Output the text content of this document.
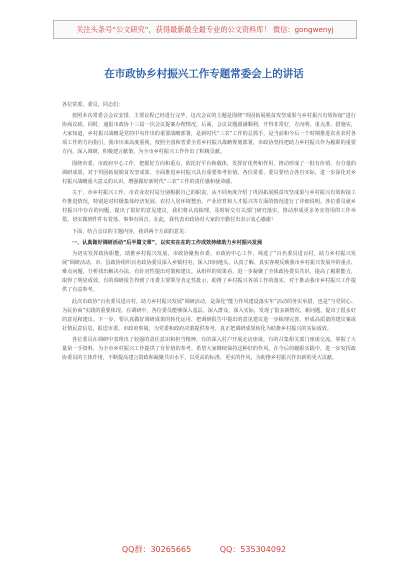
关注头条号“公文研究”，获得最新最全最专业的公文资料库！ 微信：gongwenyj
在市政协乡村振兴工作专题常委会上的讲话

各位常委、委员，同志们：

按照本次常委会会议安排，主要议程已经进行完毕，这次会议的主题是围绕“巩固拓展脱贫攻坚成果与乡村振兴有效衔接”进行协商议政。同时，通报市政协十三届一次会议提案办理情况，后面，会议议题圆满顺利，开得非常好，方向明、重点准、措施实，大家知道，乡村振兴战略是党的中央作出的重要战略部署，是新时代“三农”工作的总抓手，是当前和今后一个时期推进农业农村各项工作的方向指引，我市历来高度重视，按照全国和省委全省乡村振兴战略规划部署，市政协坚持把助力乡村振兴作为履职的重要方向，深入调研，积极建言献策，为全市乡村振兴工作作出了积极贡献。

围绕市委、市政府中心工作，把握好方向和重点，依托好平台和载体，发挥好优势和作用，推动形成了一批有价值、有分量的调研成果，对于巩固拓展脱贫攻坚成果、全面推进乡村振兴具有重要参考价值。各位常委、委员要结合各自实际，进一步深化对乡村振兴战略重大意义的认识，增强做好新时代“三农”工作的责任感和使命感。

关于，市乡村振兴工作。市农业农村局分别根据自己的职责，从不同角度介绍了巩固拓展脱贫攻坚成果与乡村振兴有效衔接工作推进情况，特别是对村级集体经济发展、农村人居环境整治、产业培育和人才振兴等方面的情况进行了详细说明。各位委员就乡村振兴中存在的问题，提出了很好的意见建议，我们将认真梳理，及时转交有关部门研究落实，推动形成更多务实管用的工作举措，切实做到件件有着落、事事有回音。在此，我代表市政协对大家的辛勤付出表示衷心感谢！

下面，结合会议的主题内容，我讲两个方面的意见：

一、认真做好调研活动“后半篇文章”，以实实在在的工作成效持续助力乡村振兴发展

为切实发挥政协职能，助推乡村振兴发展，市政协聚焦市委、市政府中心工作，筛选了“百名委员进百村，助力乡村振兴发展”调研活动。市、县政协组织百名政协委员深入乡镇村屯，深入田间地头，认真了解、真实客观反映我市乡村振兴发展中的重点、难点问题，分析找出解决办法，有针对性提出对策和建议。从组织的效果看，进一步凝聚了全体政协委员共识，提高了履职能力，取得了明显成效，有的调研报告得到了市委主要领导肯定性批示，助推了乡村振兴各项工作的落实，对于推动我市乡村振兴工作提供了有益参考。

此次市政协“百名委员进百村，助力乡村振兴发展”调研活动，是深化“能力作风建设落实年”活动的务实举措，也是“与党同心、为民协商”实践的重要体现。在调研中，各位委员能够深入基层、深入群众，深入实际，发现了很多新情况、新问题，提出了很多好的意见和建议。下一步，要认真做好调研成果的转化运用，把调研报告中提出的意见建议进一步梳理完善，形成高质量的建议案或社情民意信息，报送市委、市政府参阅，为党委和政府决策提供参考，真正把调研成果转化为助推乡村振兴的实际成效。

各位委员在调研中表现出了较强的责任意识和担当精神，有的深入村户开展走访座谈，有的召集相关部门座谈交流，掌握了大量第一手资料，为全市乡村振兴工作提供了有价值的参考。希望大家继续保持这种好的作风，在今后的履职实践中，进一步发挥政协委员的主体作用，不断提高建言资政和凝聚共识水平，以更高的标准、更实的作风，为助推乡村振兴作出新的更大贡献。

QQ群：30265665	QQ：535304092
